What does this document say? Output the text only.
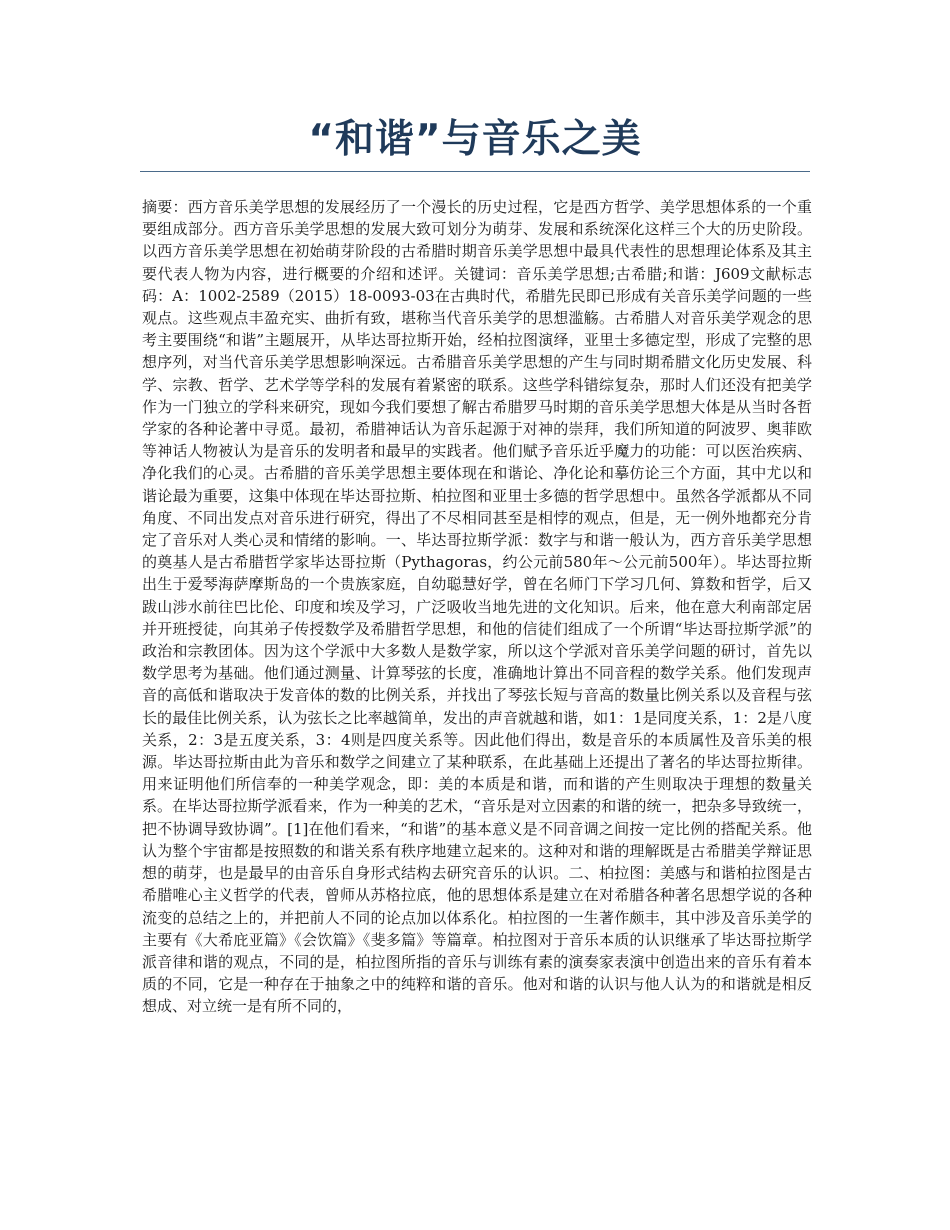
“和谐”与音乐之美

摘要：西方音乐美学思想的发展经历了一个漫长的历史过程，它是西方哲学、美学思想体系的一个重要组成部分。西方音乐美学思想的发展大致可划分为萌芽、发展和系统深化这样三个大的历史阶段。以西方音乐美学思想在初始萌芽阶段的古希腊时期音乐美学思想中最具代表性的思想理论体系及其主要代表人物为内容，进行概要的介绍和述评。关键词：音乐美学思想;古希腊;和谐：J609文献标志码：A：1002-2589（2015）18-0093-03在古典时代，希腊先民即已形成有关音乐美学问题的一些观点。这些观点丰盈充实、曲折有致，堪称当代音乐美学的思想滥觞。古希腊人对音乐美学观念的思考主要围绕“和谐”主题展开，从毕达哥拉斯开始，经柏拉图演绎，亚里士多德定型，形成了完整的思想序列，对当代音乐美学思想影响深远。古希腊音乐美学思想的产生与同时期希腊文化历史发展、科学、宗教、哲学、艺术学等学科的发展有着紧密的联系。这些学科错综复杂，那时人们还没有把美学作为一门独立的学科来研究，现如今我们要想了解古希腊罗马时期的音乐美学思想大体是从当时各哲学家的各种论著中寻觅。最初，希腊神话认为音乐起源于对神的崇拜，我们所知道的阿波罗、奥菲欧等神话人物被认为是音乐的发明者和最早的实践者。他们赋予音乐近乎魔力的功能：可以医治疾病、净化我们的心灵。古希腊的音乐美学思想主要体现在和谐论、净化论和摹仿论三个方面，其中尤以和谐论最为重要，这集中体现在毕达哥拉斯、柏拉图和亚里士多德的哲学思想中。虽然各学派都从不同角度、不同出发点对音乐进行研究，得出了不尽相同甚至是相悖的观点，但是，无一例外地都充分肯定了音乐对人类心灵和情绪的影响。一、毕达哥拉斯学派：数字与和谐一般认为，西方音乐美学思想的奠基人是古希腊哲学家毕达哥拉斯（Pythagoras，约公元前580年～公元前500年）。毕达哥拉斯出生于爱琴海萨摩斯岛的一个贵族家庭，自幼聪慧好学，曾在名师门下学习几何、算数和哲学，后又跋山涉水前往巴比伦、印度和埃及学习，广泛吸收当地先进的文化知识。后来，他在意大利南部定居并开班授徒，向其弟子传授数学及希腊哲学思想，和他的信徒们组成了一个所谓“毕达哥拉斯学派”的政治和宗教团体。因为这个学派中大多数人是数学家，所以这个学派对音乐美学问题的研讨，首先以数学思考为基础。他们通过测量、计算琴弦的长度，准确地计算出不同音程的数学关系。他们发现声音的高低和谐取决于发音体的数的比例关系，并找出了琴弦长短与音高的数量比例关系以及音程与弦长的最佳比例关系，认为弦长之比率越简单，发出的声音就越和谐，如1：1是同度关系，1：2是八度关系，2：3是五度关系，3：4则是四度关系等。因此他们得出，数是音乐的本质属性及音乐美的根源。毕达哥拉斯由此为音乐和数学之间建立了某种联系，在此基础上还提出了著名的毕达哥拉斯律。用来证明他们所信奉的一种美学观念，即：美的本质是和谐，而和谐的产生则取决于理想的数量关系。在毕达哥拉斯学派看来，作为一种美的艺术，“音乐是对立因素的和谐的统一，把杂多导致统一，把不协调导致协调”。[1]在他们看来，“和谐”的基本意义是不同音调之间按一定比例的搭配关系。他认为整个宇宙都是按照数的和谐关系有秩序地建立起来的。这种对和谐的理解既是古希腊美学辩证思想的萌芽，也是最早的由音乐自身形式结构去研究音乐的认识。二、柏拉图：美感与和谐柏拉图是古希腊唯心主义哲学的代表，曾师从苏格拉底，他的思想体系是建立在对希腊各种著名思想学说的各种流变的总结之上的，并把前人不同的论点加以体系化。柏拉图的一生著作颇丰，其中涉及音乐美学的主要有《大希庇亚篇》《会饮篇》《斐多篇》等篇章。柏拉图对于音乐本质的认识继承了毕达哥拉斯学派音律和谐的观点，不同的是，柏拉图所指的音乐与训练有素的演奏家表演中创造出来的音乐有着本质的不同，它是一种存在于抽象之中的纯粹和谐的音乐。他对和谐的认识与他人认为的和谐就是相反想成、对立统一是有所不同的，
